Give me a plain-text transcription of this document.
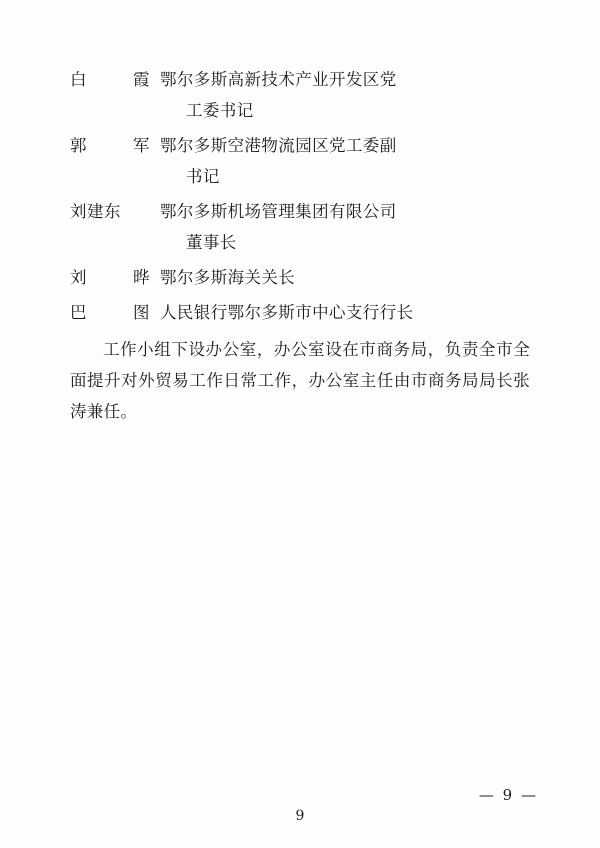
白　霞 鄂尔多斯高新技术产业开发区党
工委书记
郭　军 鄂尔多斯空港物流园区党工委副
书记
刘建东	鄂尔多斯机场管理集团有限公司
董事长
刘　晔 鄂尔多斯海关关长
巴　图 人民银行鄂尔多斯市中心支行行长

工作小组下设办公室，办公室设在市商务局，负责全市全面提升对外贸易工作日常工作，办公室主任由市商务局局长张涛兼任。

— 9 —
9
